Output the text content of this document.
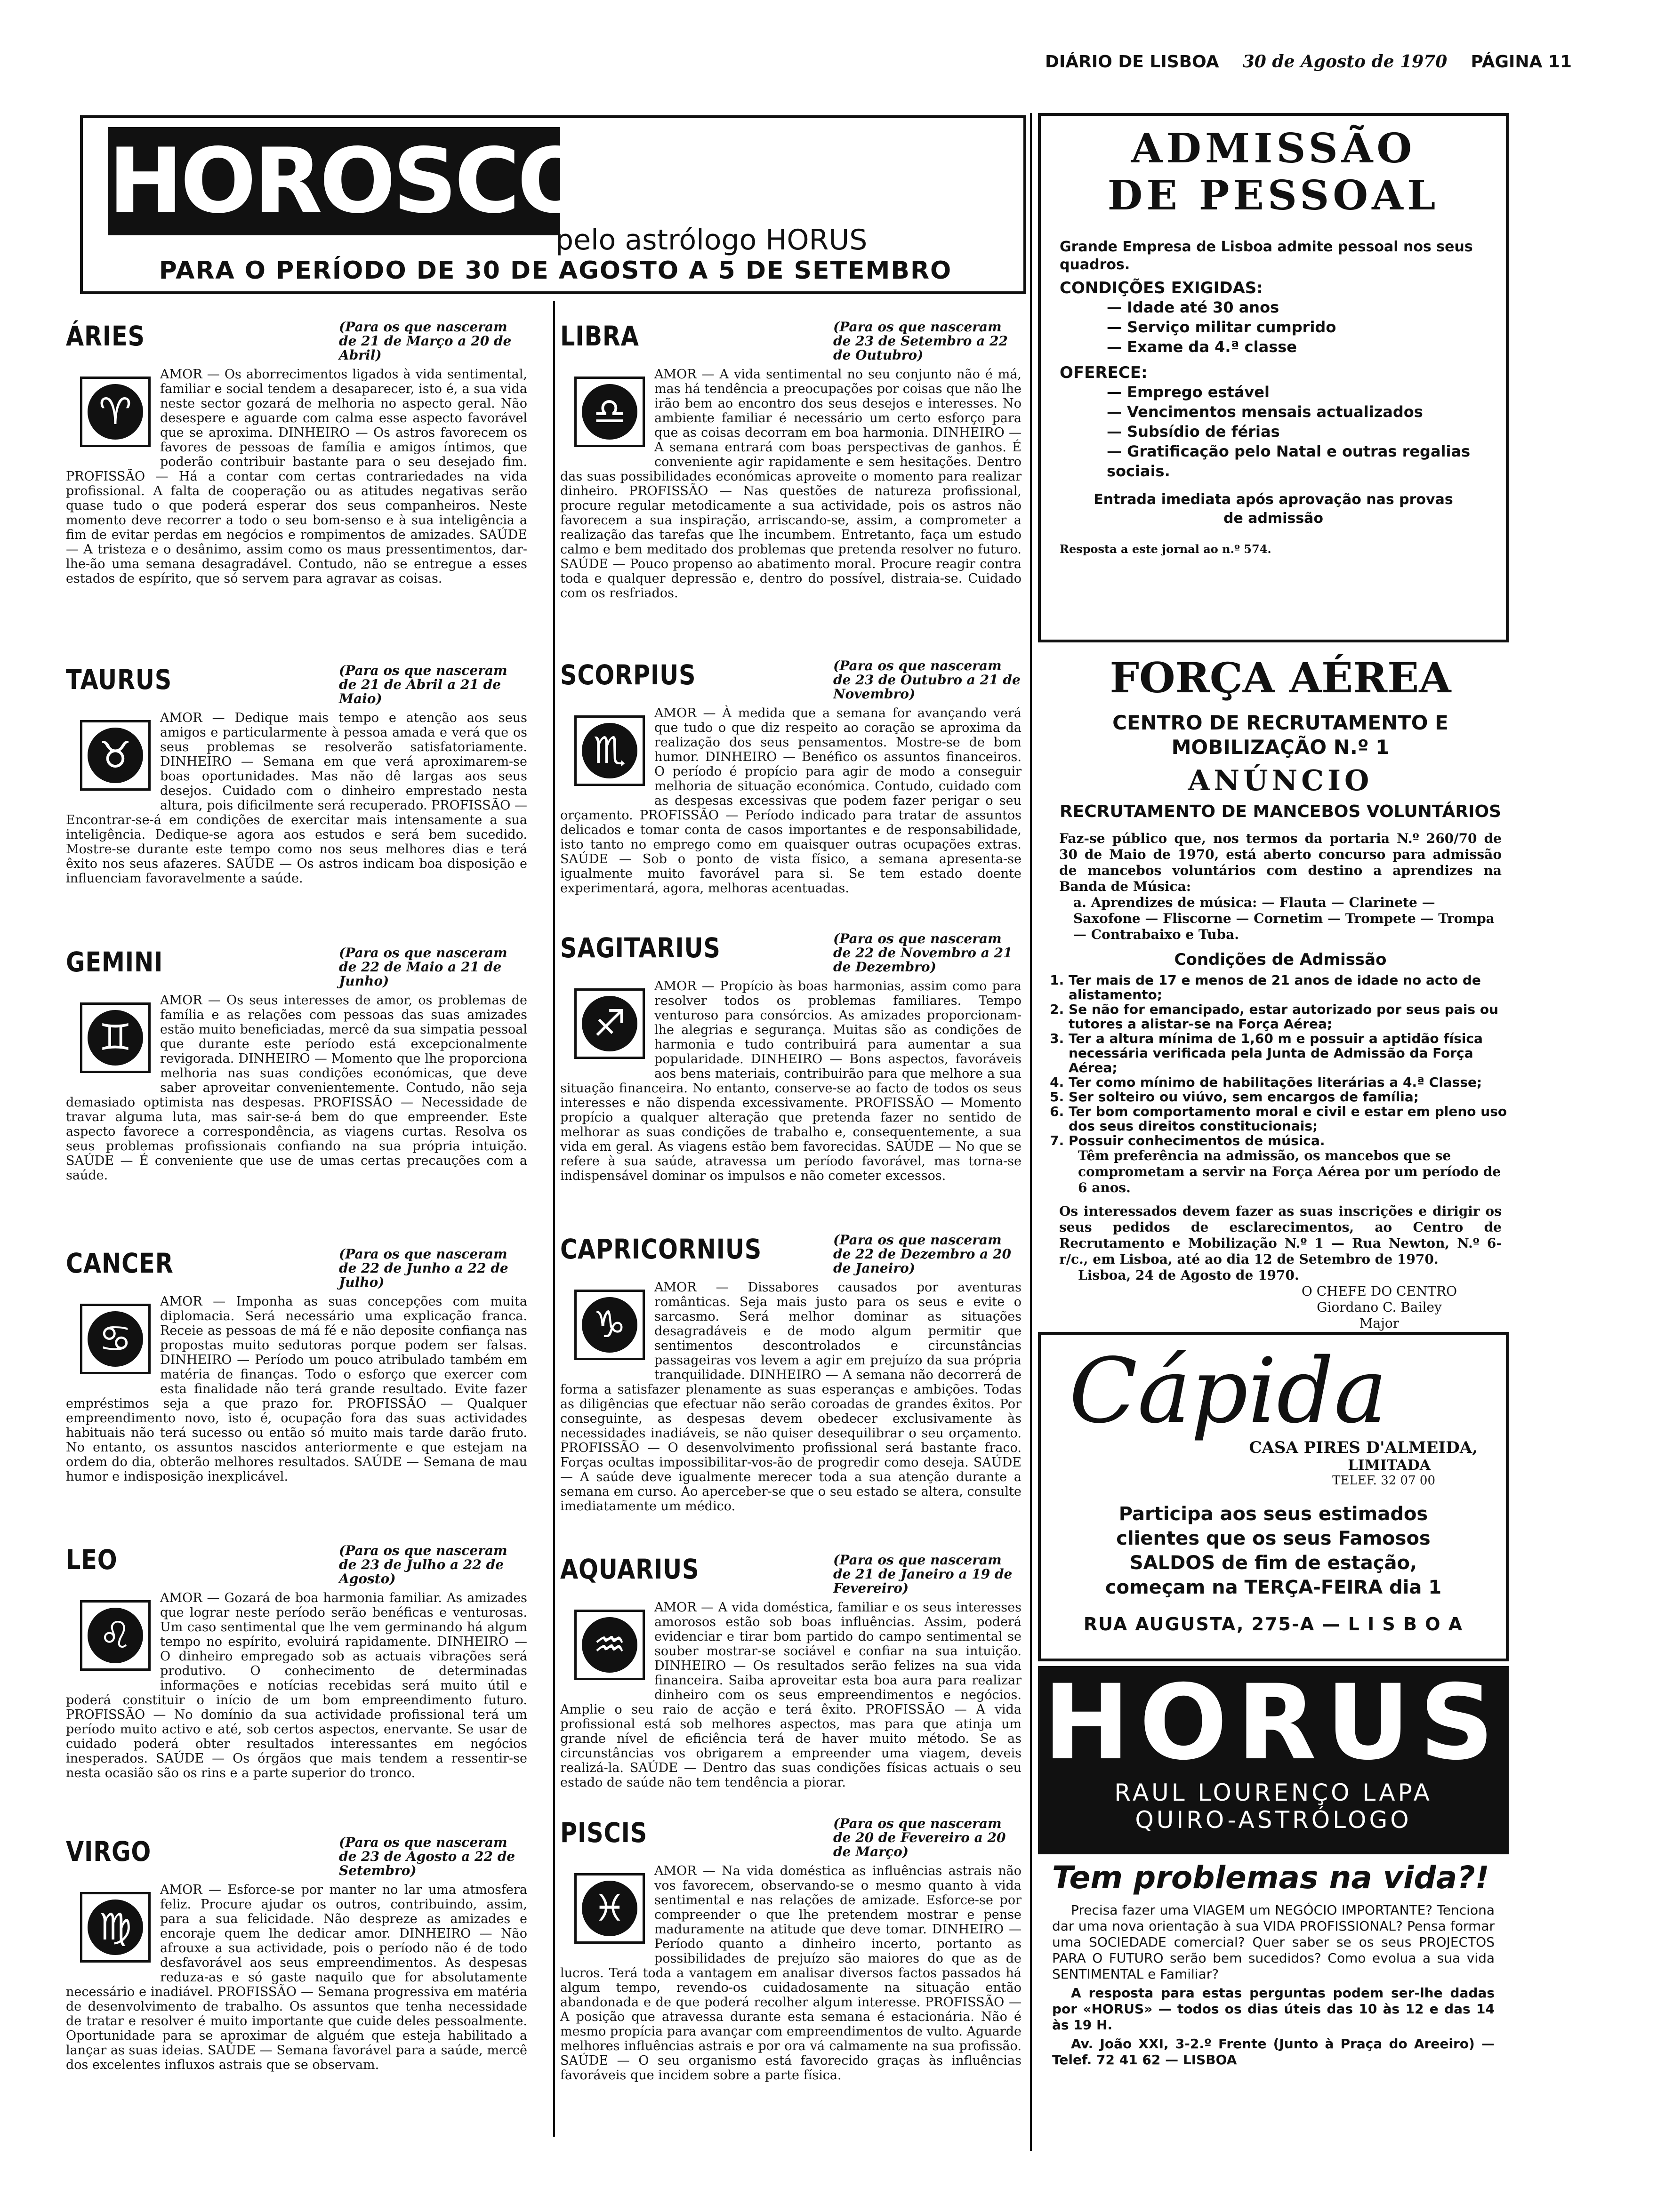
DIÁRIO DE LISBOA 30 de Agosto de 1970 PÁGINA 11
HOROSCOPO
pelo astrólogo HORUS
PARA O PERÍODO DE 30 DE AGOSTO A 5 DE SETEMBRO
ÁRIES	(Para os que nasceram de 21 de Março a 20 de Abril)
AMOR — Os aborrecimentos ligados à vida sentimental, familiar e social tendem a desaparecer, isto é, a sua vida neste sector gozará de melhoria no aspecto geral. Não desespere e aguarde com calma esse aspecto favorável que se aproxima. DINHEIRO — Os astros favorecem os favores de pessoas de família e amigos íntimos, que poderão contribuir bastante para o seu desejado fim. PROFISSÃO — Há a contar com certas contrariedades na vida profissional. A falta de cooperação ou as atitudes negativas serão quase tudo o que poderá esperar dos seus companheiros. Neste momento deve recorrer a todo o seu bom-senso e à sua inteligência a fim de evitar perdas em negócios e rompimentos de amizades. SAÚDE — A tristeza e o desânimo, assim como os maus pressentimentos, dar-lhe-ão uma semana desagradável. Contudo, não se entregue a esses estados de espírito, que só servem para agravar as coisas.
♈
TAURUS	(Para os que nasceram de 21 de Abril a 21 de Maio)
AMOR — Dedique mais tempo e atenção aos seus amigos e particularmente à pessoa amada e verá que os seus problemas se resolverão satisfatoriamente. DINHEIRO — Semana em que verá aproximarem-se boas oportunidades. Mas não dê largas aos seus desejos. Cuidado com o dinheiro emprestado nesta altura, pois dificilmente será recuperado. PROFISSÃO — Encontrar-se-á em condições de exercitar mais intensamente a sua inteligência. Dedique-se agora aos estudos e será bem sucedido. Mostre-se durante este tempo como nos seus melhores dias e terá êxito nos seus afazeres. SAÚDE — Os astros indicam boa disposição e influenciam favoravelmente a saúde.
♉
GEMINI	(Para os que nasceram de 22 de Maio a 21 de Junho)
AMOR — Os seus interesses de amor, os problemas de família e as relações com pessoas das suas amizades estão muito beneficiadas, mercê da sua simpatia pessoal que durante este período está excepcionalmente revigorada. DINHEIRO — Momento que lhe proporciona melhoria nas suas condições económicas, que deve saber aproveitar convenientemente. Contudo, não seja demasiado optimista nas despesas. PROFISSÃO — Necessidade de travar alguma luta, mas sair-se-á bem do que empreender. Este aspecto favorece a correspondência, as viagens curtas. Resolva os seus problemas profissionais confiando na sua própria intuição. SAÚDE — É conveniente que use de umas certas precauções com a saúde.
♊
CANCER	(Para os que nasceram de 22 de Junho a 22 de Julho)
AMOR — Imponha as suas concepções com muita diplomacia. Será necessário uma explicação franca. Receie as pessoas de má fé e não deposite confiança nas propostas muito sedutoras porque podem ser falsas. DINHEIRO — Período um pouco atribulado também em matéria de finanças. Todo o esforço que exercer com esta finalidade não terá grande resultado. Evite fazer empréstimos seja a que prazo for. PROFISSÃO — Qualquer empreendimento novo, isto é, ocupação fora das suas actividades habituais não terá sucesso ou então só muito mais tarde darão fruto. No entanto, os assuntos nascidos anteriormente e que estejam na ordem do dia, obterão melhores resultados. SAÚDE — Semana de mau humor e indisposição inexplicável.
♋
LEO	(Para os que nasceram de 23 de Julho a 22 de Agosto)
AMOR — Gozará de boa harmonia familiar. As amizades que lograr neste período serão benéficas e venturosas. Um caso sentimental que lhe vem germinando há algum tempo no espírito, evoluirá rapidamente. DINHEIRO — O dinheiro empregado sob as actuais vibrações será produtivo. O conhecimento de determinadas informações e notícias recebidas será muito útil e poderá constituir o início de um bom empreendimento futuro. PROFISSÃO — No domínio da sua actividade profissional terá um período muito activo e até, sob certos aspectos, enervante. Se usar de cuidado poderá obter resultados interessantes em negócios inesperados. SAÚDE — Os órgãos que mais tendem a ressentir-se nesta ocasião são os rins e a parte superior do tronco.
♌
VIRGO	(Para os que nasceram de 23 de Agosto a 22 de Setembro)
AMOR — Esforce-se por manter no lar uma atmosfera feliz. Procure ajudar os outros, contribuindo, assim, para a sua felicidade. Não despreze as amizades e encoraje quem lhe dedicar amor. DINHEIRO — Não afrouxe a sua actividade, pois o período não é de todo desfavorável aos seus empreendimentos. As despesas reduza-as e só gaste naquilo que for absolutamente necessário e inadiável. PROFISSÃO — Semana progressiva em matéria de desenvolvimento de trabalho. Os assuntos que tenha necessidade de tratar e resolver é muito importante que cuide deles pessoalmente. Oportunidade para se aproximar de alguém que esteja habilitado a lançar as suas ideias. SAÚDE — Semana favorável para a saúde, mercê dos excelentes influxos astrais que se observam.
♍
LIBRA	(Para os que nasceram de 23 de Setembro a 22 de Outubro)
AMOR — A vida sentimental no seu conjunto não é má, mas há tendência a preocupações por coisas que não lhe irão bem ao encontro dos seus desejos e interesses. No ambiente familiar é necessário um certo esforço para que as coisas decorram em boa harmonia. DINHEIRO — A semana entrará com boas perspectivas de ganhos. É conveniente agir rapidamente e sem hesitações. Dentro das suas possibilidades económicas aproveite o momento para realizar dinheiro. PROFISSÃO — Nas questões de natureza profissional, procure regular metodicamente a sua actividade, pois os astros não favorecem a sua inspiração, arriscando-se, assim, a comprometer a realização das tarefas que lhe incumbem. Entretanto, faça um estudo calmo e bem meditado dos problemas que pretenda resolver no futuro. SAÚDE — Pouco propenso ao abatimento moral. Procure reagir contra toda e qualquer depressão e, dentro do possível, distraia-se. Cuidado com os resfriados.
♎
SCORPIUS	(Para os que nasceram de 23 de Outubro a 21 de Novembro)
AMOR — À medida que a semana for avançando verá que tudo o que diz respeito ao coração se aproxima da realização dos seus pensamentos. Mostre-se de bom humor. DINHEIRO — Benéfico os assuntos financeiros. O período é propício para agir de modo a conseguir melhoria de situação económica. Contudo, cuidado com as despesas excessivas que podem fazer perigar o seu orçamento. PROFISSÃO — Período indicado para tratar de assuntos delicados e tomar conta de casos importantes e de responsabilidade, isto tanto no emprego como em quaisquer outras ocupações extras. SAÚDE — Sob o ponto de vista físico, a semana apresenta-se igualmente muito favorável para si. Se tem estado doente experimentará, agora, melhoras acentuadas.
♏
SAGITARIUS	(Para os que nasceram de 22 de Novembro a 21 de Dezembro)
AMOR — Propício às boas harmonias, assim como para resolver todos os problemas familiares. Tempo venturoso para consórcios. As amizades proporcionam-lhe alegrias e segurança. Muitas são as condições de harmonia e tudo contribuirá para aumentar a sua popularidade. DINHEIRO — Bons aspectos, favoráveis aos bens materiais, contribuirão para que melhore a sua situação financeira. No entanto, conserve-se ao facto de todos os seus interesses e não dispenda excessivamente. PROFISSÃO — Momento propício a qualquer alteração que pretenda fazer no sentido de melhorar as suas condições de trabalho e, consequentemente, a sua vida em geral. As viagens estão bem favorecidas. SAÚDE — No que se refere à sua saúde, atravessa um período favorável, mas torna-se indispensável dominar os impulsos e não cometer excessos.
♐
CAPRICORNIUS	(Para os que nasceram de 22 de Dezembro a 20 de Janeiro)
AMOR — Dissabores causados por aventuras românticas. Seja mais justo para os seus e evite o sarcasmo. Será melhor dominar as situações desagradáveis e de modo algum permitir que sentimentos descontrolados e circunstâncias passageiras vos levem a agir em prejuízo da sua própria tranquilidade. DINHEIRO — A semana não decorrerá de forma a satisfazer plenamente as suas esperanças e ambições. Todas as diligências que efectuar não serão coroadas de grandes êxitos. Por conseguinte, as despesas devem obedecer exclusivamente às necessidades inadiáveis, se não quiser desequilibrar o seu orçamento. PROFISSÃO — O desenvolvimento profissional será bastante fraco. Forças ocultas impossibilitar-vos-ão de progredir como deseja. SAÚDE — A saúde deve igualmente merecer toda a sua atenção durante a semana em curso. Ao aperceber-se que o seu estado se altera, consulte imediatamente um médico.
♑
AQUARIUS	(Para os que nasceram de 21 de Janeiro a 19 de Fevereiro)
AMOR — A vida doméstica, familiar e os seus interesses amorosos estão sob boas influências. Assim, poderá evidenciar e tirar bom partido do campo sentimental se souber mostrar-se sociável e confiar na sua intuição. DINHEIRO — Os resultados serão felizes na sua vida financeira. Saiba aproveitar esta boa aura para realizar dinheiro com os seus empreendimentos e negócios. Amplie o seu raio de acção e terá êxito. PROFISSÃO — A vida profissional está sob melhores aspectos, mas para que atinja um grande nível de eficiência terá de haver muito método. Se as circunstâncias vos obrigarem a empreender uma viagem, deveis realizá-la. SAÚDE — Dentro das suas condições físicas actuais o seu estado de saúde não tem tendência a piorar.
♒
PISCIS	(Para os que nasceram de 20 de Fevereiro a 20 de Março)
AMOR — Na vida doméstica as influências astrais não vos favorecem, observando-se o mesmo quanto à vida sentimental e nas relações de amizade. Esforce-se por compreender o que lhe pretendem mostrar e pense maduramente na atitude que deve tomar. DINHEIRO — Período quanto a dinheiro incerto, portanto as possibilidades de prejuízo são maiores do que as de lucros. Terá toda a vantagem em analisar diversos factos passados há algum tempo, revendo-os cuidadosamente na situação então abandonada e de que poderá recolher algum interesse. PROFISSÃO — A posição que atravessa durante esta semana é estacionária. Não é mesmo propícia para avançar com empreendimentos de vulto. Aguarde melhores influências astrais e por ora vá calmamente na sua profissão. SAÚDE — O seu organismo está favorecido graças às influências favoráveis que incidem sobre a parte física.
♓
ADMISSÃO
DE PESSOAL
Grande Empresa de Lisboa admite pessoal nos seus quadros.
CONDIÇÕES EXIGIDAS:
— Idade até 30 anos
— Serviço militar cumprido
— Exame da 4.ª classe
OFERECE:
— Emprego estável
— Vencimentos mensais actualizados
— Subsídio de férias
— Gratificação pelo Natal e outras regalias sociais.
Entrada imediata após aprovação nas provas de admissão
Resposta a este jornal ao n.º 574.
FORÇA AÉREA
CENTRO DE RECRUTAMENTO E MOBILIZAÇÃO N.º 1
ANÚNCIO
RECRUTAMENTO DE MANCEBOS VOLUNTÁRIOS
Faz-se público que, nos termos da portaria N.º 260/70 de 30 de Maio de 1970, está aberto concurso para admissão de mancebos voluntários com destino a aprendizes na Banda de Música:
a. Aprendizes de música: — Flauta — Clarinete — Saxofone — Fliscorne — Cornetim — Trompete — Trompa — Contrabaixo e Tuba.
Condições de Admissão
1. Ter mais de 17 e menos de 21 anos de idade no acto de alistamento;
2. Se não for emancipado, estar autorizado por seus pais ou tutores a alistar-se na Força Aérea;
3. Ter a altura mínima de 1,60 m e possuir a aptidão física necessária verificada pela Junta de Admissão da Força Aérea;
4. Ter como mínimo de habilitações literárias a 4.ª Classe;
5. Ser solteiro ou viúvo, sem encargos de família;
6. Ter bom comportamento moral e civil e estar em pleno uso dos seus direitos constitucionais;
7. Possuir conhecimentos de música.
Têm preferência na admissão, os mancebos que se comprometam a servir na Força Aérea por um período de 6 anos.
Os interessados devem fazer as suas inscrições e dirigir os seus pedidos de esclarecimentos, ao Centro de Recrutamento e Mobilização N.º 1 — Rua Newton, N.º 6-r/c., em Lisboa, até ao dia 12 de Setembro de 1970.
Lisboa, 24 de Agosto de 1970.
O CHEFE DO CENTRO
Giordano C. Bailey
Major
Cápida
CASA PIRES D'ALMEIDA,
LIMITADA
TELEF. 32 07 00
Participa aos seus estimados clientes que os seus Famosos SALDOS de fim de estação, começam na TERÇA-FEIRA dia 1
RUA AUGUSTA, 275-A — L I S B O A
HORUS
RAUL LOURENÇO LAPA
QUIRO-ASTRÓLOGO
Tem problemas na vida?!
Precisa fazer uma VIAGEM um NEGÓCIO IMPORTANTE? Tenciona dar uma nova orientação à sua VIDA PROFISSIONAL? Pensa formar uma SOCIEDADE comercial? Quer saber se os seus PROJECTOS PARA O FUTURO serão bem sucedidos? Como evolua a sua vida SENTIMENTAL e Familiar?
A resposta para estas perguntas podem ser-lhe dadas por «HORUS» — todos os dias úteis das 10 às 12 e das 14 às 19 H.
Av. João XXI, 3-2.º Frente (Junto à Praça do Areeiro) — Telef. 72 41 62 — LISBOA
